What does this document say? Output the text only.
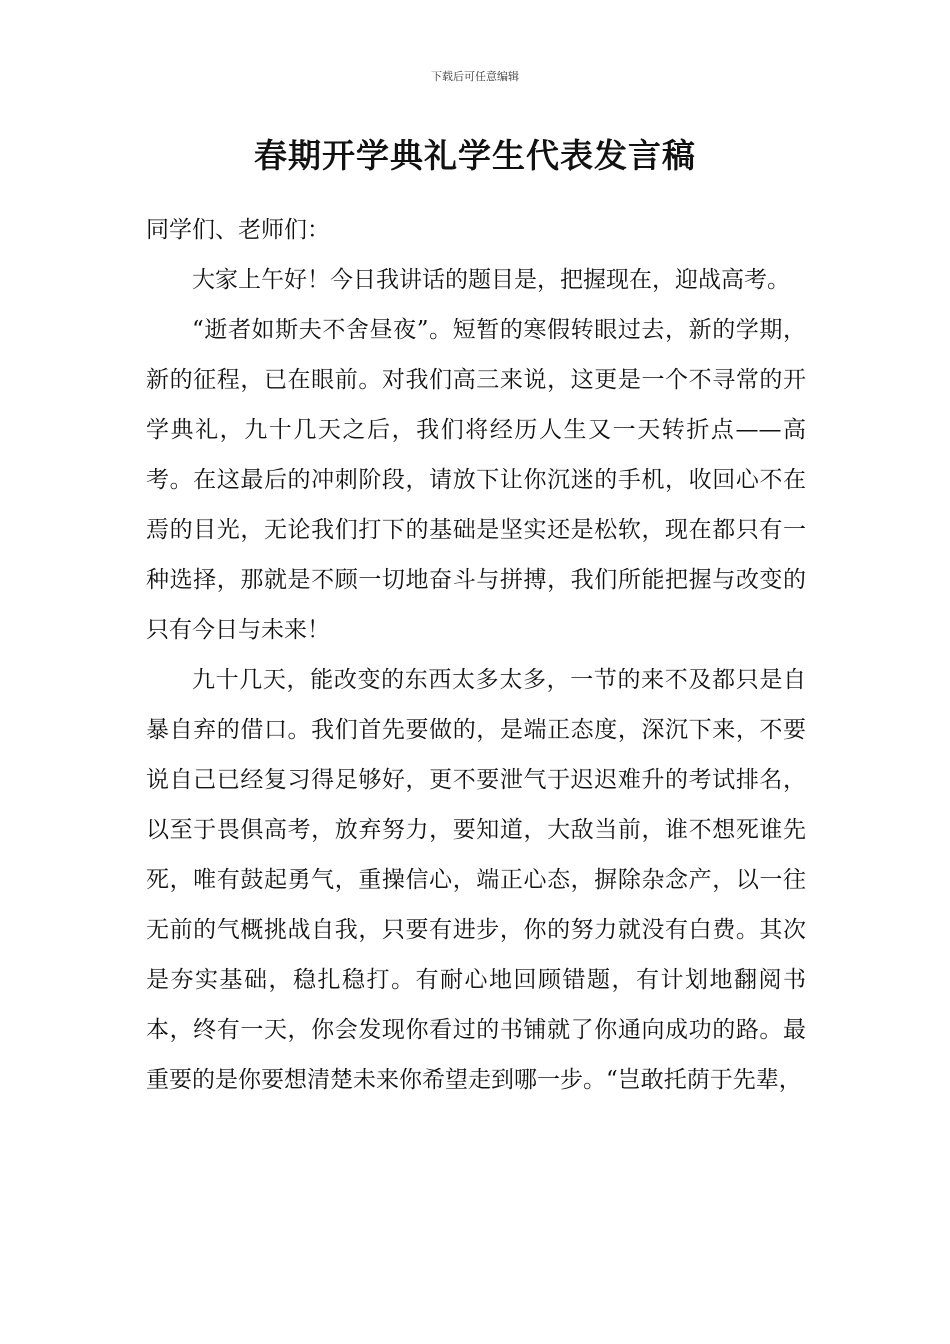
下载后可任意编辑
春期开学典礼学生代表发言稿

同学们、老师们：

大家上午好！今日我讲话的题目是，把握现在，迎战高考。

“逝者如斯夫不舍昼夜”。短暂的寒假转眼过去，新的学期，新的征程，已在眼前。对我们高三来说，这更是一个不寻常的开学典礼，九十几天之后，我们将经历人生又一天转折点——高考。在这最后的冲刺阶段，请放下让你沉迷的手机，收回心不在焉的目光，无论我们打下的基础是坚实还是松软，现在都只有一种选择，那就是不顾一切地奋斗与拼搏，我们所能把握与改变的只有今日与未来！

九十几天，能改变的东西太多太多，一节的来不及都只是自暴自弃的借口。我们首先要做的，是端正态度，深沉下来，不要说自己已经复习得足够好，更不要泄气于迟迟难升的考试排名，以至于畏俱高考，放弃努力，要知道，大敌当前，谁不想死谁先死，唯有鼓起勇气，重操信心，端正心态，摒除杂念产，以一往无前的气概挑战自我，只要有进步，你的努力就没有白费。其次是夯实基础，稳扎稳打。有耐心地回顾错题，有计划地翻阅书本，终有一天，你会发现你看过的书铺就了你通向成功的路。最重要的是你要想清楚未来你希望走到哪一步。“岂敢托荫于先辈，
